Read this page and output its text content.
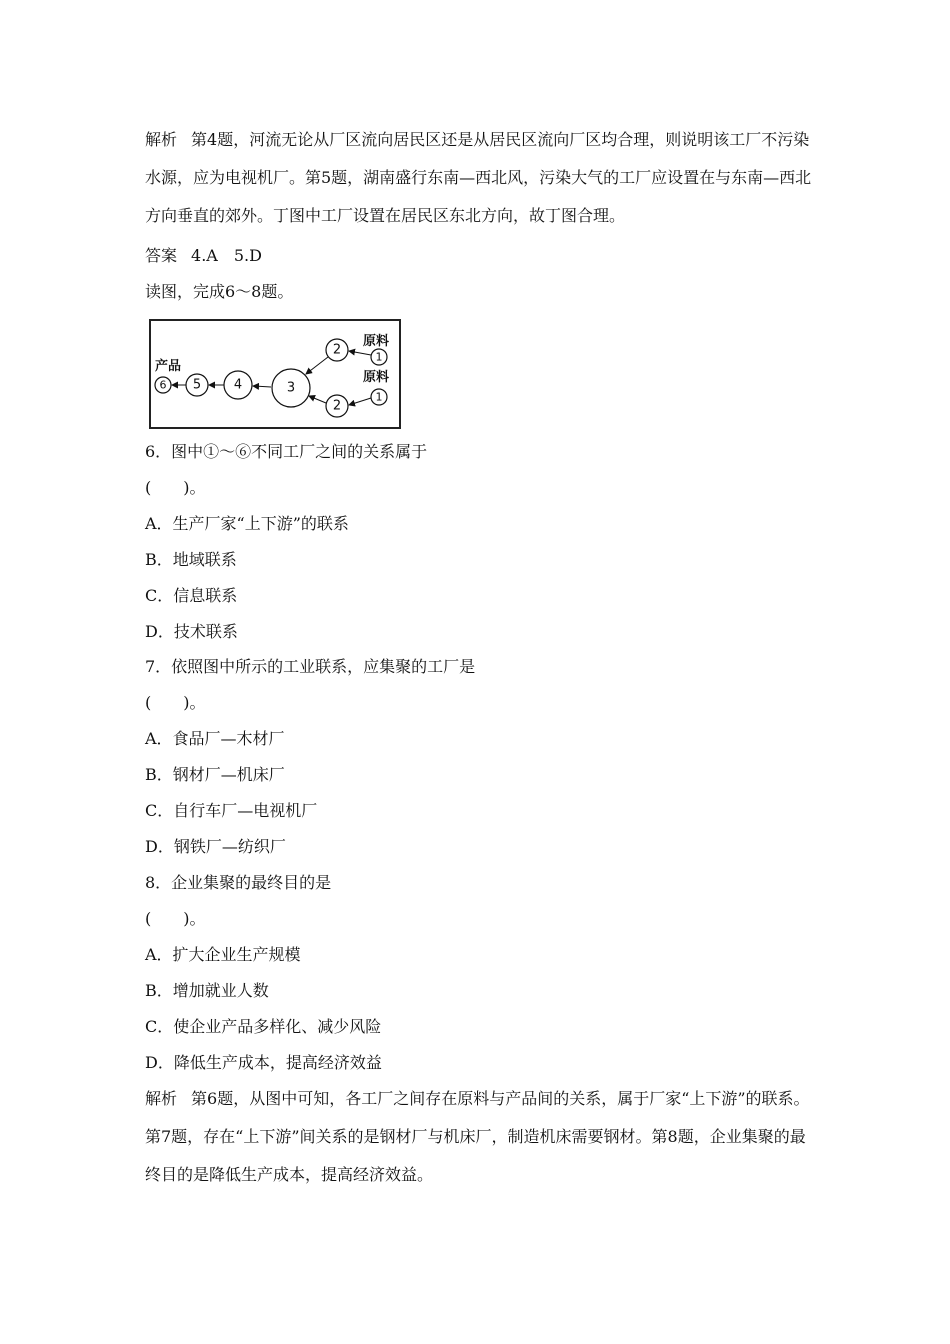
解析 第4题，河流无论从厂区流向居民区还是从居民区流向厂区均合理，则说明该工厂不污染水源，应为电视机厂。第5题，湖南盛行东南—西北风，污染大气的工厂应设置在与东南—西北方向垂直的郊外。丁图中工厂设置在居民区东北方向，故丁图合理。
答案 4.A　5.D
读图，完成6～8题。
产品
原料
原料
1
1
2
2
3
4
5
6
6．图中①～⑥不同工厂之间的关系属于
(　　)。
A．生产厂家“上下游”的联系
B．地域联系
C．信息联系
D．技术联系
7．依照图中所示的工业联系，应集聚的工厂是
(　　)。
A．食品厂—木材厂
B．钢材厂—机床厂
C．自行车厂—电视机厂
D．钢铁厂—纺织厂
8．企业集聚的最终目的是
(　　)。
A．扩大企业生产规模
B．增加就业人数
C．使企业产品多样化、减少风险
D．降低生产成本，提高经济效益
解析 第6题，从图中可知，各工厂之间存在原料与产品间的关系，属于厂家“上下游”的联系。第7题，存在“上下游”间关系的是钢材厂与机床厂，制造机床需要钢材。第8题，企业集聚的最终目的是降低生产成本，提高经济效益。
